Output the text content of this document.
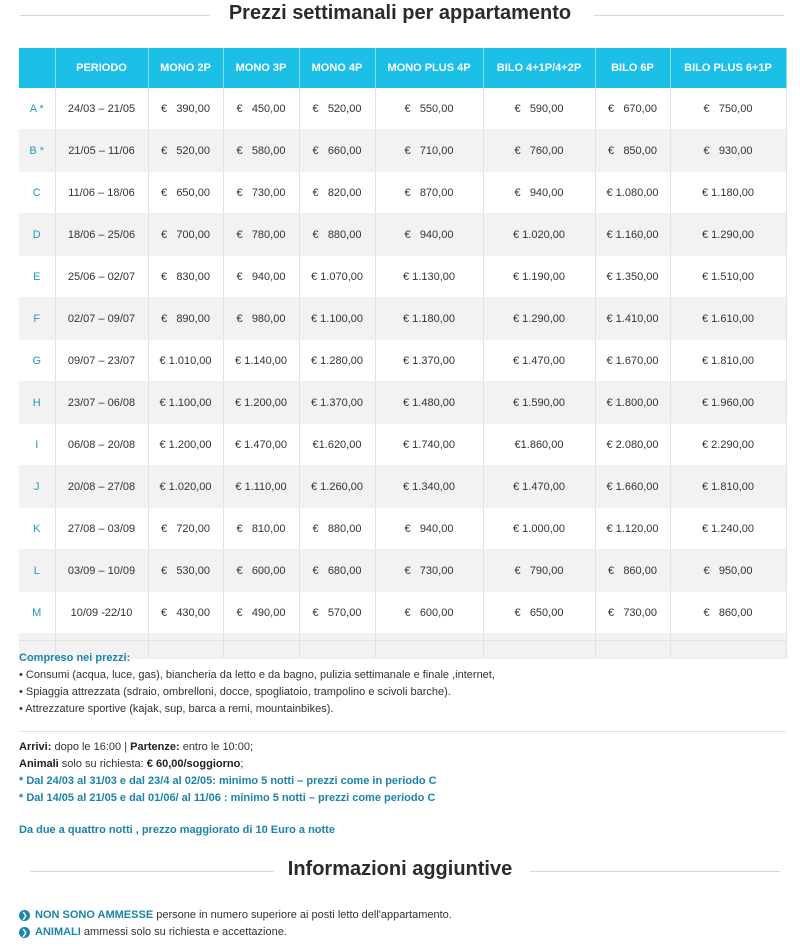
Prezzi settimanali per appartamento
	PERIODO	MONO 2P	MONO 3P	MONO 4P	MONO PLUS 4P	BILO 4+1P/4+2P	BILO 6P	BILO PLUS 6+1P
A *	24/03 – 21/05	€   390,00	€   450,00	€   520,00	€   550,00	€   590,00	€   670,00	€   750,00
B *	21/05 – 11/06	€   520,00	€   580,00	€   660,00	€   710,00	€   760,00	€   850,00	€   930,00
C	11/06 – 18/06	€   650,00	€   730,00	€   820,00	€   870,00	€   940,00	€ 1.080,00	€ 1.180,00
D	18/06 – 25/06	€   700,00	€   780,00	€   880,00	€   940,00	€ 1.020,00	€ 1.160,00	€ 1.290,00
E	25/06 – 02/07	€   830,00	€   940,00	€ 1.070,00	€ 1.130,00	€ 1.190,00	€ 1.350,00	€ 1.510,00
F	02/07 – 09/07	€   890,00	€   980,00	€ 1.100,00	€ 1.180,00	€ 1.290,00	€ 1.410,00	€ 1.610,00
G	09/07 – 23/07	€ 1.010,00	€ 1.140,00	€ 1.280,00	€ 1.370,00	€ 1.470,00	€ 1.670,00	€ 1.810,00
H	23/07 – 06/08	€ 1.100,00	€ 1.200,00	€ 1.370,00	€ 1.480,00	€ 1.590,00	€ 1.800,00	€ 1.960,00
I	06/08 – 20/08	€ 1.200,00	€ 1.470,00	€1.620,00	€ 1.740,00	€1.860,00	€ 2.080,00	€ 2.290,00
J	20/08 – 27/08	€ 1.020,00	€ 1.110,00	€ 1.260,00	€ 1.340,00	€ 1.470,00	€ 1.660,00	€ 1.810,00
K	27/08 – 03/09	€   720,00	€   810,00	€   880,00	€   940,00	€ 1.000,00	€ 1.120,00	€ 1.240,00
L	03/09 – 10/09	€   530,00	€   600,00	€   680,00	€   730,00	€   790,00	€   860,00	€   950,00
M	10/09 -22/10	€   430,00	€   490,00	€   570,00	€   600,00	€   650,00	€   730,00	€   860,00

Compreso nei prezzi:
• Consumi (acqua, luce, gas), biancheria da letto e da bagno, pulizia settimanale e finale ,internet,
• Spiaggia attrezzata (sdraio, ombrelloni, docce, spogliatoio, trampolino e scivoli barche).
• Attrezzature sportive (kajak, sup, barca a remi, mountainbikes).
Arrivi: dopo le 16:00 | Partenze: entro le 10:00;
Animali solo su richiesta: € 60,00/soggiorno;
* Dal 24/03 al 31/03 e dal 23/4 al 02/05: minimo 5 notti – prezzi come in periodo C
* Dal 14/05 al 21/05 e dal 01/06/ al 11/06 : minimo 5 notti – prezzi come periodo C
Da due a quattro notti , prezzo maggiorato di 10 Euro a notte
Informazioni aggiuntive
❯ NON SONO AMMESSE persone in numero superiore ai posti letto dell'appartamento.
❯ ANIMALI ammessi solo su richiesta e accettazione.
